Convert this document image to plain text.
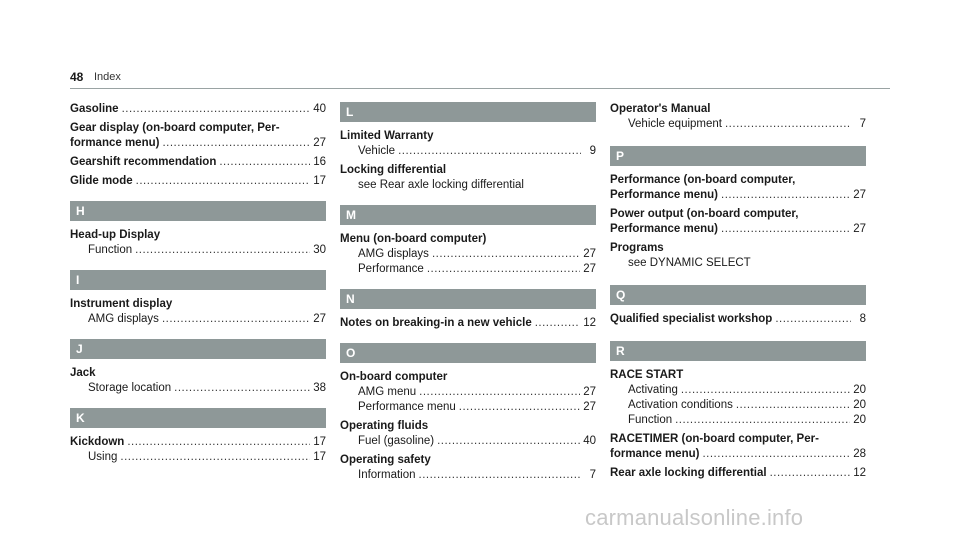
48 Index
Gasoline .....	40
Gear display (on-board computer, Per-
formance menu) .....	27
Gearshift recommendation .....	16
Glide mode .....	17
H
Head-up Display
Function .....	30
I
Instrument display
AMG displays .....	27
J
Jack
Storage location .....	38
K
Kickdown .....	17
Using .....	17
L
Limited Warranty
Vehicle .....	9
Locking differential
see Rear axle locking differential
M
Menu (on-board computer)
AMG displays .....	27
Performance .....	27
N
Notes on breaking-in a new vehicle .....	12
O
On-board computer
AMG menu .....	27
Performance menu .....	27
Operating fluids
Fuel (gasoline) .....	40
Operating safety
Information .....	7
Operator's Manual
Vehicle equipment .....	7
P
Performance (on-board computer,
Performance menu) .....	27
Power output (on-board computer,
Performance menu) .....	27
Programs
see DYNAMIC SELECT
Q
Qualified specialist workshop .....	8
R
RACE START
Activating .....	20
Activation conditions .....	20
Function .....	20
RACETIMER (on-board computer, Per-
formance menu) .....	28
Rear axle locking differential .....	12
carmanualsonline.info
